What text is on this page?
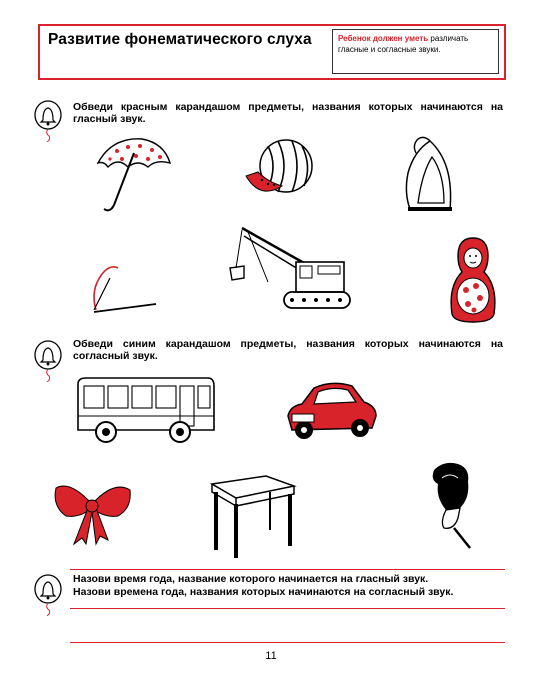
Развитие фонематического слуха	Ребенок должен уметь различать гласные и согласные звуки.
Обведи красным карандашом предметы, названия которых начинаются на гласный звук.
Обведи синим карандашом предметы, названия которых начинаются на согласный звук.
Назови время года, название которого начинается на гласный звук.
Назови времена года, названия которых начинаются на согласный звук.
11
